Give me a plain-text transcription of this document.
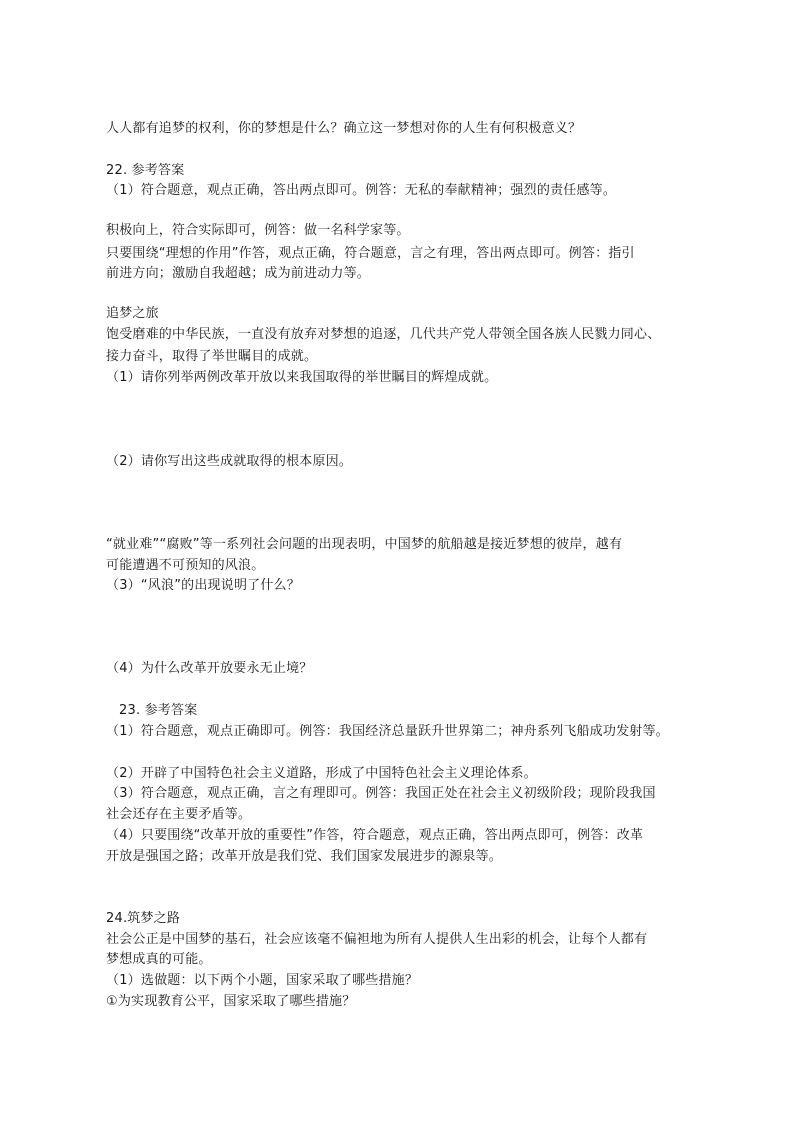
人人都有追梦的权利，你的梦想是什么？确立这一梦想对你的人生有何积极意义？
22. 参考答案
（1）符合题意，观点正确，答出两点即可。例答：无私的奉献精神；强烈的责任感等。
积极向上，符合实际即可，例答：做一名科学家等。
只要围绕“理想的作用”作答，观点正确，符合题意，言之有理，答出两点即可。例答：指引
前进方向；激励自我超越；成为前进动力等。
追梦之旅
饱受磨难的中华民族，一直没有放弃对梦想的追逐，几代共产党人带领全国各族人民戮力同心、
接力奋斗，取得了举世瞩目的成就。
（1）请你列举两例改革开放以来我国取得的举世瞩目的辉煌成就。
（2）请你写出这些成就取得的根本原因。
“就业难”“腐败”等一系列社会问题的出现表明，中国梦的航船越是接近梦想的彼岸，越有
可能遭遇不可预知的风浪。
（3）“风浪”的出现说明了什么？
（4）为什么改革开放要永无止境？
23. 参考答案
（1）符合题意，观点正确即可。例答：我国经济总量跃升世界第二；神舟系列飞船成功发射等。
（2）开辟了中国特色社会主义道路，形成了中国特色社会主义理论体系。
（3）符合题意，观点正确，言之有理即可。例答：我国正处在社会主义初级阶段；现阶段我国
社会还存在主要矛盾等。
（4）只要围绕“改革开放的重要性”作答，符合题意，观点正确，答出两点即可，例答：改革
开放是强国之路；改革开放是我们党、我们国家发展进步的源泉等。
24.筑梦之路
社会公正是中国梦的基石，社会应该毫不偏袒地为所有人提供人生出彩的机会，让每个人都有
梦想成真的可能。
（1）选做题：以下两个小题，国家采取了哪些措施？
①为实现教育公平，国家采取了哪些措施？
